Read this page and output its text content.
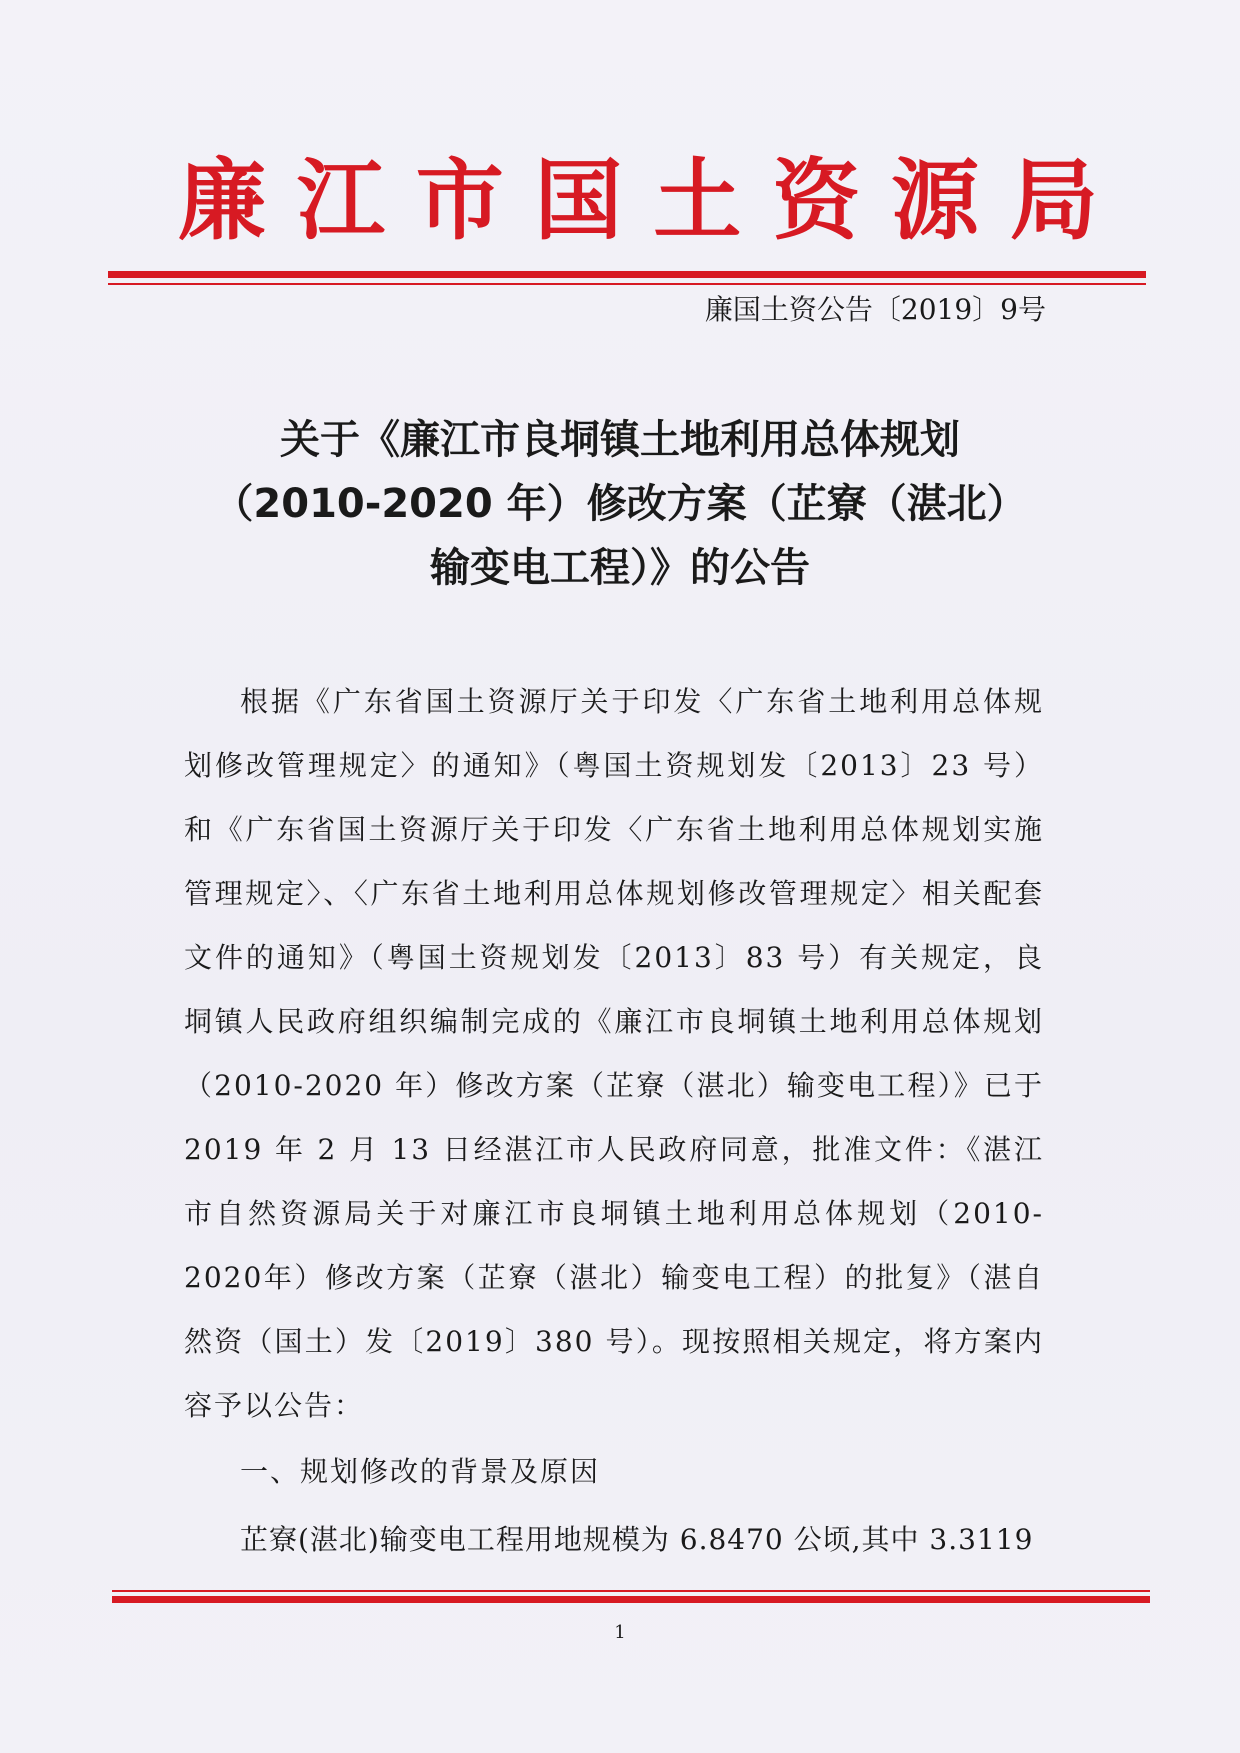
廉 江 市 国 土 资 源 局
廉国土资公告〔2019〕9号
关于《廉江市良垌镇土地利用总体规划
（2010-2020 年）修改方案（芷寮（湛北）
输变电工程）》的公告

根据《广东省国土资源厅关于印发〈广东省土地利用总体规划修改管理规定〉的通知》（粤国土资规划发〔2013〕23 号）和《广东省国土资源厅关于印发〈广东省土地利用总体规划实施管理规定〉、〈广东省土地利用总体规划修改管理规定〉相关配套文件的通知》（粤国土资规划发〔2013〕83 号）有关规定，良垌镇人民政府组织编制完成的《廉江市良垌镇土地利用总体规划（2010-2020 年）修改方案（芷寮（湛北）输变电工程）》已于 2019 年 2 月 13 日经湛江市人民政府同意，批准文件：《湛江市自然资源局关于对廉江市良垌镇土地利用总体规划（2010-2020年）修改方案（芷寮（湛北）输变电工程）的批复》（湛自然资（国土）发〔2019〕380 号）。现按照相关规定，将方案内容予以公告：

一、规划修改的背景及原因
芷寮(湛北)输变电工程用地规模为 6.8470 公顷,其中 3.3119
1
